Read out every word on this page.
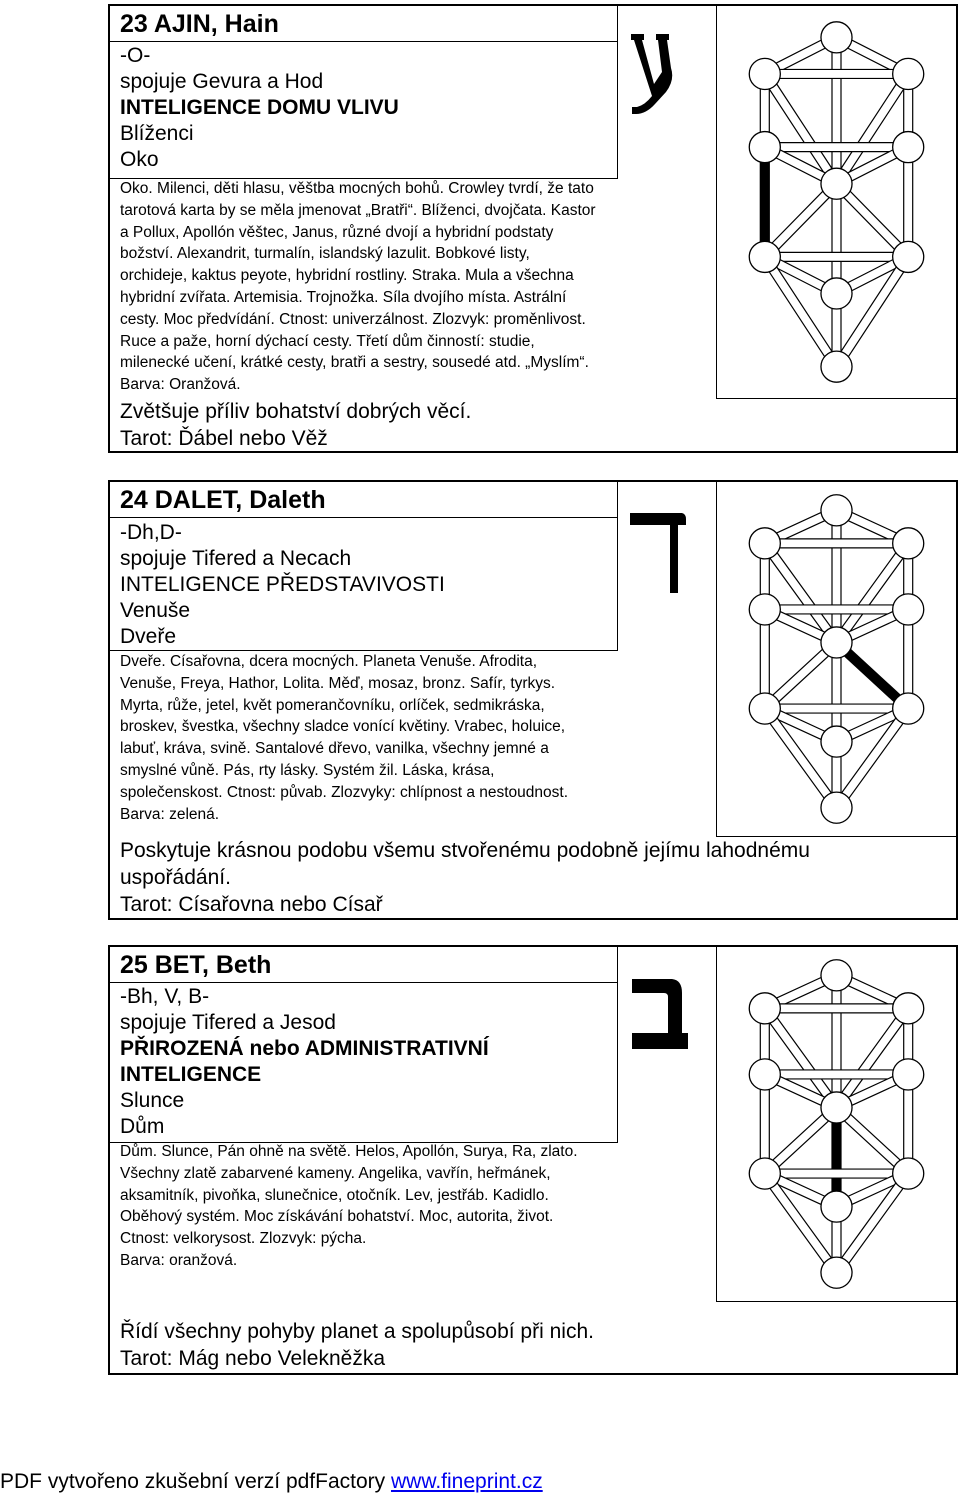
23 AJIN, Hain
-O-
spojuje Gevura a Hod
INTELIGENCE DOMU VLIVU
Blíženci
Oko
Oko. Milenci, děti hlasu, věštba mocných bohů. Crowley tvrdí, že tato
tarotová karta by se měla jmenovat „Bratři“. Blíženci, dvojčata. Kastor
a Pollux, Apollón věštec, Janus, různé dvojí a hybridní podstaty
božství. Alexandrit, turmalín, islandský lazulit. Bobkové listy,
orchideje, kaktus peyote, hybridní rostliny. Straka. Mula a všechna
hybridní zvířata. Artemisia. Trojnožka. Síla dvojího místa. Astrální
cesty. Moc předvídání. Ctnost: univerzálnost. Zlozvyk: proměnlivost.
Ruce a paže, horní dýchací cesty. Třetí dům činností: studie,
milenecké učení, krátké cesty, bratři a sestry, sousedé atd. „Myslím“.
Barva: Oranžová.
Zvětšuje příliv bohatství dobrých věcí.
Tarot: Ďábel nebo Věž
24 DALET, Daleth
-Dh,D-
spojuje Tifered a Necach
INTELIGENCE PŘEDSTAVIVOSTI
Venuše
Dveře
Dveře. Císařovna, dcera mocných. Planeta Venuše. Afrodita,
Venuše, Freya, Hathor, Lolita. Měď, mosaz, bronz. Safír, tyrkys.
Myrta, růže, jetel, květ pomerančovníku, orlíček, sedmikráska,
broskev, švestka, všechny sladce vonící květiny. Vrabec, holuice,
labuť, kráva, svině. Santalové dřevo, vanilka, všechny jemné a
smyslné vůně. Pás, rty lásky. Systém žil. Láska, krása,
společenskost. Ctnost: půvab. Zlozvyky: chlípnost a nestoudnost.
Barva: zelená.
Poskytuje krásnou podobu všemu stvořenému podobně jejímu lahodnému
uspořádání.
Tarot: Císařovna nebo Císař
25 BET, Beth
-Bh, V, B-
spojuje Tifered a Jesod
PŘIROZENÁ nebo ADMINISTRATIVNÍ
INTELIGENCE
Slunce
Dům
Dům. Slunce, Pán ohně na světě. Helos, Apollón, Surya, Ra, zlato.
Všechny zlatě zabarvené kameny. Angelika, vavřín, heřmánek,
aksamitník, pivoňka, slunečnice, otočník. Lev, jestřáb. Kadidlo.
Oběhový systém. Moc získávání bohatství. Moc, autorita, život.
Ctnost: velkorysost. Zlozvyk: pýcha.
Barva: oranžová.
Řídí všechny pohyby planet a spolupůsobí při nich.
Tarot: Mág nebo Velekněžka
PDF vytvořeno zkušební verzí pdfFactory www.fineprint.cz
